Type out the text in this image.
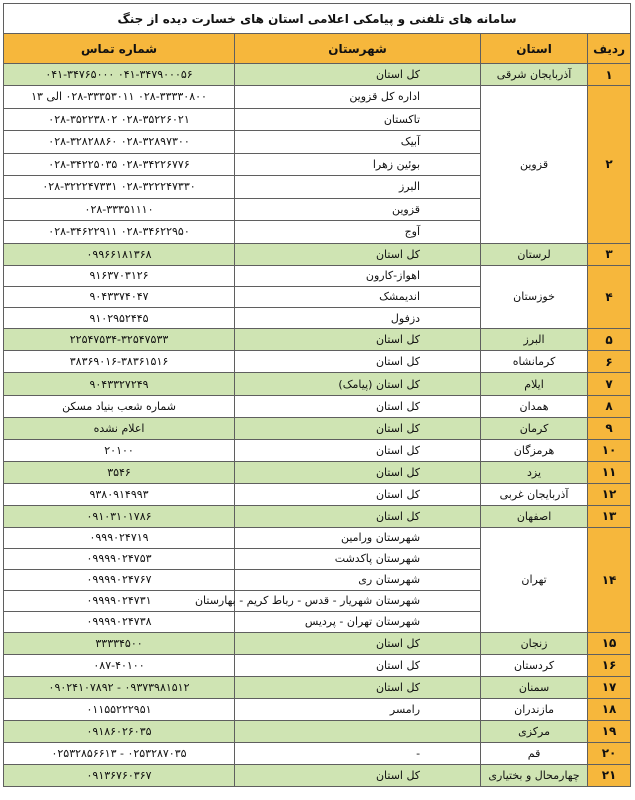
سامانه های تلفنی و پیامکی اعلامی استان های خسارت دیده از جنگ			
ردیف	استان	شهرستان	شماره تماس
۱	آذربایجان شرقی	کل استان	۰۴۱-۳۴۷۹۰۰۰۵۶ ۰۴۱-۳۴۷۶۵۰۰۰
۲	قزوین	اداره کل قزوین	۰۲۸-۳۳۳۳۰۸۰۰ ۰۲۸-۳۳۳۵۳۰۱۱ الی ۱۳
		تاکستان	۰۲۸-۳۵۲۲۶۰۲۱ ۰۲۸-۳۵۲۲۳۸۰۲
		آبیک	۰۲۸-۳۲۸۹۷۳۰۰ ۰۲۸-۳۲۸۲۸۸۶۰
		بوئین زهرا	۰۲۸-۳۴۲۲۶۷۷۶ ۰۲۸-۳۴۲۲۵۰۳۵
		البرز	۰۲۸-۳۲۲۲۴۷۳۳۰ ۰۲۸-۳۲۲۲۴۷۳۳۱
		قزوین	۰۲۸-۳۳۳۵۱۱۱۰
		آوج	۰۲۸-۳۴۶۲۲۹۵۰ ۰۲۸-۳۴۶۲۲۹۱۱
۳	لرستان	کل استان	۰۹۹۶۶۱۸۱۳۶۸
۴	خوزستان	اهواز-کارون	۹۱۶۳۷۰۳۱۲۶
		اندیمشک	۹۰۴۳۳۷۴۰۴۷
		دزفول	۹۱۰۲۹۵۲۴۴۵
۵	البرز	کل استان	۲۲۵۴۷۵۳۴-۳۲۵۴۷۵۳۳
۶	کرمانشاه	کل استان	۳۸۳۶۹۰۱۶-۳۸۳۶۱۵۱۶
۷	ایلام	کل استان (پیامک)	۹۰۴۳۳۲۷۲۴۹
۸	همدان	کل استان	شماره شعب بنیاد مسکن
۹	کرمان	کل استان	اعلام نشده
۱۰	هرمزگان	کل استان	۲۰۱۰۰
۱۱	یزد	کل استان	۳۵۴۶
۱۲	آذربایجان غربی	کل استان	۹۳۸۰۹۱۴۹۹۳
۱۳	اصفهان	کل استان	۰۹۱۰۳۱۰۱۷۸۶
۱۴	تهران	شهرستان ورامین	۰۹۹۹۰۲۴۷۱۹
		شهرستان پاکدشت	۰۹۹۹۹۰۲۴۷۵۳
		شهرستان ری	۰۹۹۹۹۰۲۴۷۶۷
		شهرستان شهریار - قدس - رباط کریم - بهارستان	۰۹۹۹۹۰۲۴۷۳۱
		شهرستان تهران - پردیس	۰۹۹۹۹۰۲۴۷۳۸
۱۵	زنجان	کل استان	۳۳۳۳۴۵۰۰
۱۶	کردستان	کل استان	۰۸۷-۴۰۱۰۰
۱۷	سمنان	کل استان	۰۹۳۷۳۹۸۱۵۱۲ - ۰۹۰۲۴۱۰۷۸۹۲
۱۸	مازندران	رامسر	۰۱۱۵۵۲۲۲۹۵۱
۱۹	مرکزی		۰۹۱۸۶۰۲۶۰۳۵
۲۰	قم	-	۰۲۵۳۲۸۷۰۳۵ - ۰۲۵۳۲۸۵۶۶۱۳
۲۱	چهارمحال و بختیاری	کل استان	۰۹۱۳۶۷۶۰۳۶۷
